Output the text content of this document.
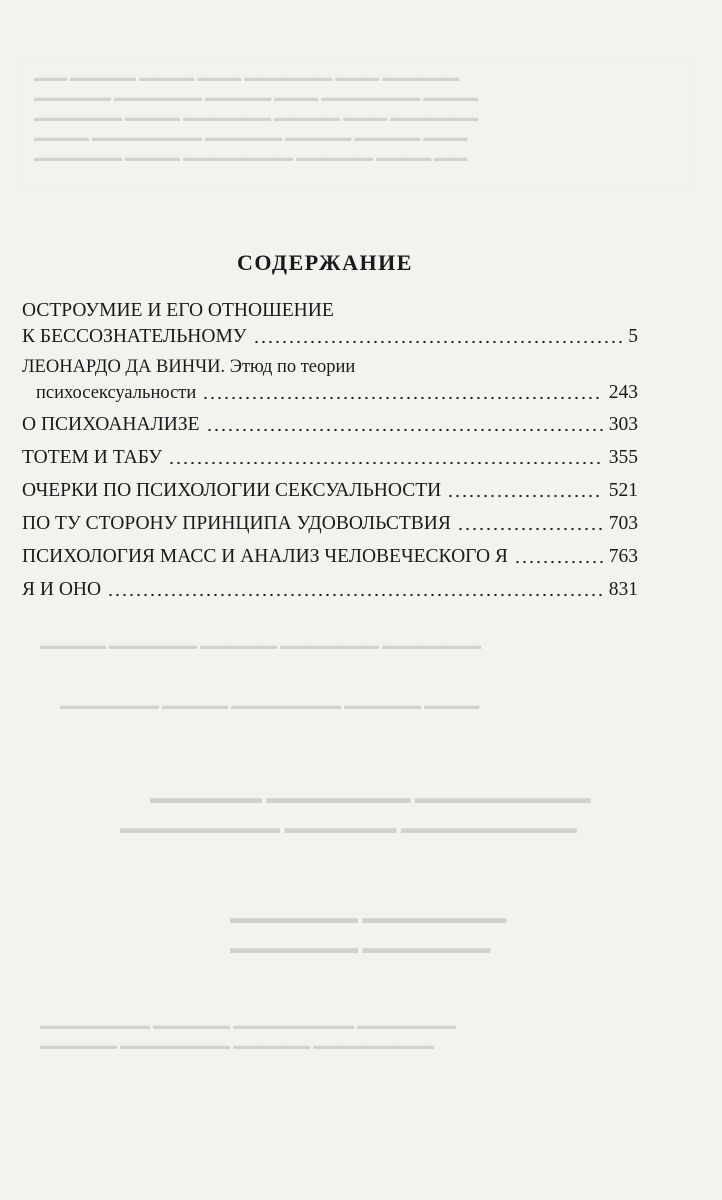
▬▬▬ ▬▬▬▬▬▬ ▬▬▬▬▬ ▬▬▬▬ ▬▬▬▬▬▬▬▬ ▬▬▬▬ ▬▬▬▬▬▬▬
▬▬▬▬▬▬▬ ▬▬▬▬▬▬▬▬ ▬▬▬▬▬▬ ▬▬▬▬ ▬▬▬▬▬▬▬▬▬ ▬▬▬▬▬
▬▬▬▬▬▬▬▬ ▬▬▬▬▬ ▬▬▬▬▬▬▬▬ ▬▬▬▬▬▬ ▬▬▬▬ ▬▬▬▬▬▬▬▬
▬▬▬▬▬ ▬▬▬▬▬▬▬▬▬▬ ▬▬▬▬▬▬▬ ▬▬▬▬▬▬ ▬▬▬▬▬▬ ▬▬▬▬
▬▬▬▬▬▬▬▬ ▬▬▬▬▬ ▬▬▬▬▬▬▬▬▬▬ ▬▬▬▬▬▬▬ ▬▬▬▬▬ ▬▬▬
▬▬▬▬▬▬ ▬▬▬▬▬▬▬▬ ▬▬▬▬▬▬▬ ▬▬▬▬▬▬▬▬▬ ▬▬▬▬▬▬▬▬▬
▬▬▬▬▬▬▬▬▬ ▬▬▬▬▬▬ ▬▬▬▬▬▬▬▬▬▬ ▬▬▬▬▬▬▬ ▬▬▬▬▬
▬▬▬▬▬▬▬ ▬▬▬▬▬▬▬▬▬ ▬▬▬▬▬▬▬▬▬▬▬
▬▬▬▬▬▬▬▬▬▬ ▬▬▬▬▬▬▬ ▬▬▬▬▬▬▬▬▬▬▬
▬▬▬▬▬▬▬▬ ▬▬▬▬▬▬▬▬▬
▬▬▬▬▬▬▬▬ ▬▬▬▬▬▬▬▬
▬▬▬▬▬▬▬▬▬▬ ▬▬▬▬▬▬▬ ▬▬▬▬▬▬▬▬▬▬▬ ▬▬▬▬▬▬▬▬▬
▬▬▬▬▬▬▬ ▬▬▬▬▬▬▬▬▬▬ ▬▬▬▬▬▬▬ ▬▬▬▬▬▬▬▬▬▬▬
СОДЕРЖАНИЕ
ОСТРОУМИЕ И ЕГО ОТНОШЕНИЕ
К БЕССОЗНАТЕЛЬНОМУ	5
ЛЕОНАРДО ДА ВИНЧИ. Этюд по теории
психосексуальности	243
О ПСИХОАНАЛИЗЕ	303
ТОТЕМ И ТАБУ	355
ОЧЕРКИ ПО ПСИХОЛОГИИ СЕКСУАЛЬНОСТИ	521
ПО ТУ СТОРОНУ ПРИНЦИПА УДОВОЛЬСТВИЯ	703
ПСИХОЛОГИЯ МАСС И АНАЛИЗ ЧЕЛОВЕЧЕСКОГО Я	763
Я И ОНО	831
